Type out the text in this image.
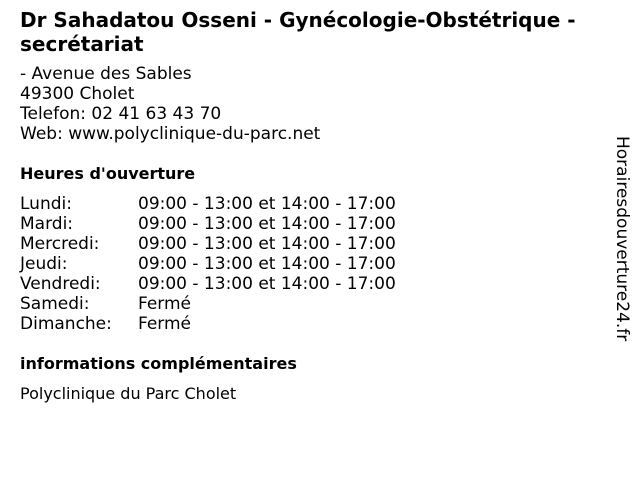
Dr Sahadatou Osseni - Gynécologie-Obstétrique - secrétariat
- Avenue des Sables
49300 Cholet
Telefon: 02 41 63 43 70
Web: www.polyclinique-du-parc.net
Heures d'ouverture
Lundi:	09:00 - 13:00 et 14:00 - 17:00
Mardi:	09:00 - 13:00 et 14:00 - 17:00
Mercredi:	09:00 - 13:00 et 14:00 - 17:00
Jeudi:	09:00 - 13:00 et 14:00 - 17:00
Vendredi:	09:00 - 13:00 et 14:00 - 17:00
Samedi:	Fermé
Dimanche:	Fermé
informations complémentaires
Polyclinique du Parc Cholet
Horairesdouverture24.fr
